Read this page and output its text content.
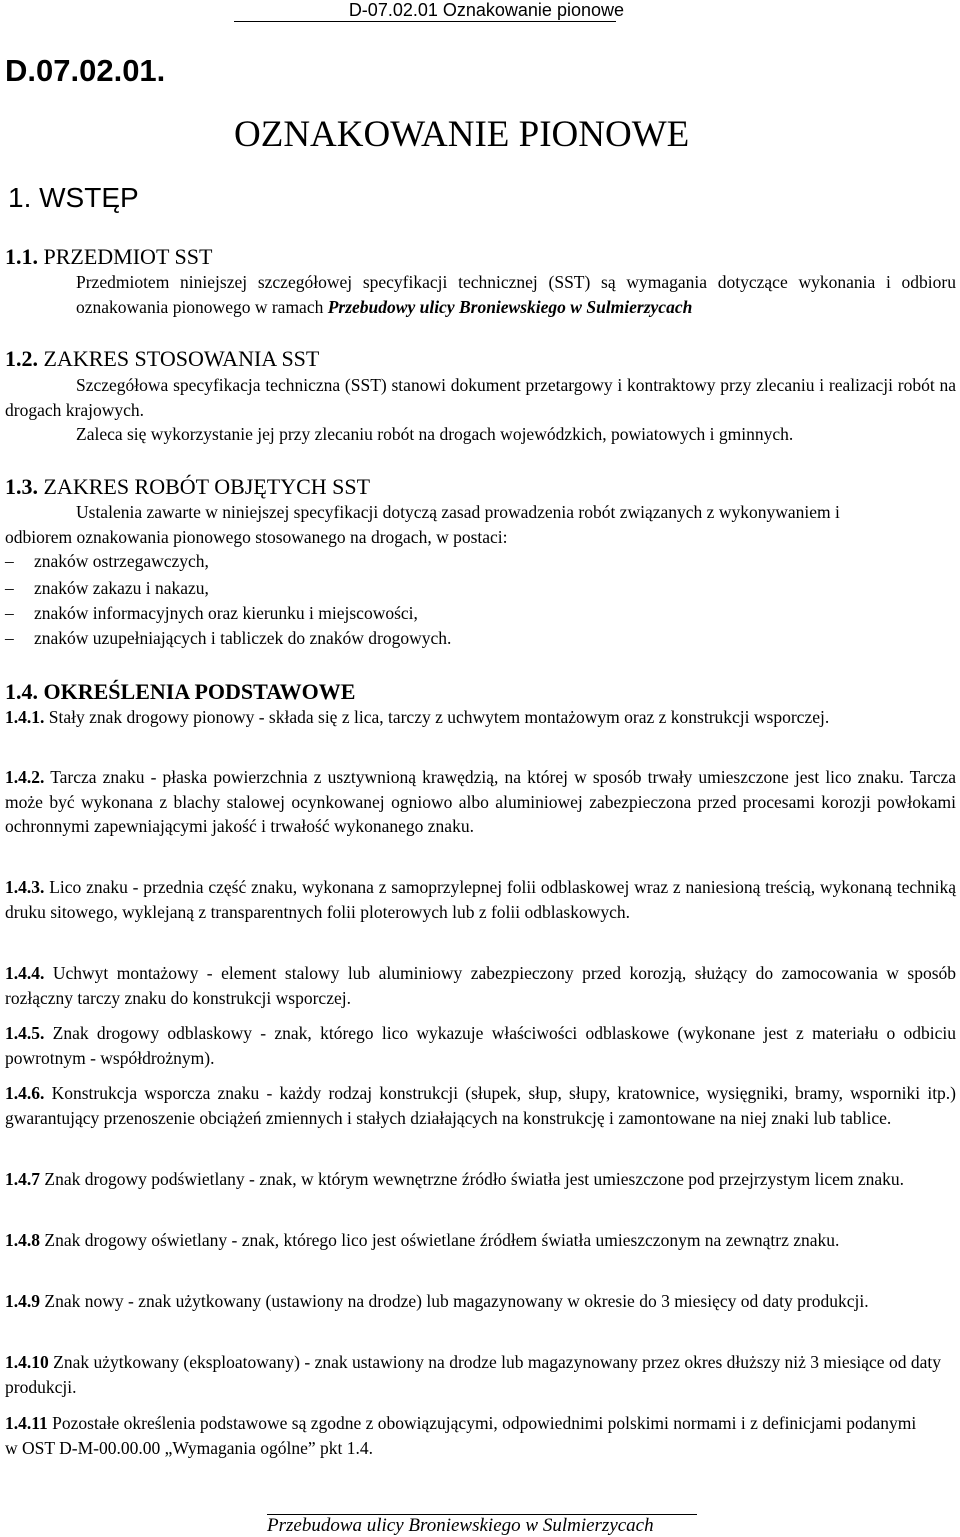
D-07.02.01 Oznakowanie pionowe
D.07.02.01.
OZNAKOWANIE PIONOWE
1. WSTĘP
1.1. PRZEDMIOT SST
Przedmiotem niniejszej szczegółowej specyfikacji technicznej (SST) są wymagania dotyczące wykonania i odbioru oznakowania pionowego w ramach Przebudowy ulicy Broniewskiego w Sulmierzycach
1.2. ZAKRES STOSOWANIA SST
Szczegółowa specyfikacja techniczna (SST) stanowi dokument przetargowy i kontraktowy przy zlecaniu i realizacji robót na drogach krajowych.
Zaleca się wykorzystanie jej przy zlecaniu robót na drogach wojewódzkich, powiatowych i gminnych.
1.3. ZAKRES ROBÓT OBJĘTYCH SST
Ustalenia zawarte w niniejszej specyfikacji dotyczą zasad prowadzenia robót związanych z wykonywaniem i odbiorem oznakowania pionowego stosowanego na drogach, w postaci:
– znaków ostrzegawczych,
– znaków zakazu i nakazu,
– znaków informacyjnych oraz kierunku i miejscowości,
– znaków uzupełniających i tabliczek do znaków drogowych.
1.4. OKREŚLENIA PODSTAWOWE
1.4.1. Stały znak drogowy pionowy - składa się z lica, tarczy z uchwytem montażowym oraz z konstrukcji wsporczej.
1.4.2. Tarcza znaku - płaska powierzchnia z usztywnioną krawędzią, na której w sposób trwały umieszczone jest lico znaku. Tarcza może być wykonana z blachy stalowej ocynkowanej ogniowo albo aluminiowej zabezpieczona przed procesami korozji powłokami ochronnymi zapewniającymi jakość i trwałość wykonanego znaku.
1.4.3. Lico znaku - przednia część znaku, wykonana z samoprzylepnej folii odblaskowej wraz z naniesioną treścią, wykonaną techniką druku sitowego, wyklejaną z transparentnych folii ploterowych lub z folii odblaskowych.
1.4.4. Uchwyt montażowy - element stalowy lub aluminiowy zabezpieczony przed korozją, służący do zamocowania w sposób rozłączny tarczy znaku do konstrukcji wsporczej.
1.4.5. Znak drogowy odblaskowy - znak, którego lico wykazuje właściwości odblaskowe (wykonane jest z materiału o odbiciu powrotnym - współdrożnym).
1.4.6. Konstrukcja wsporcza znaku - każdy rodzaj konstrukcji (słupek, słup, słupy, kratownice, wysięgniki, bramy, wsporniki itp.) gwarantujący przenoszenie obciążeń zmiennych i stałych działających na konstrukcję i zamontowane na niej znaki lub tablice.
1.4.7 Znak drogowy podświetlany - znak, w którym wewnętrzne źródło światła jest umieszczone pod przejrzystym licem znaku.
1.4.8 Znak drogowy oświetlany - znak, którego lico jest oświetlane źródłem światła umieszczonym na zewnątrz znaku.
1.4.9 Znak nowy - znak użytkowany (ustawiony na drodze) lub magazynowany w okresie do 3 miesięcy od daty produkcji.
1.4.10 Znak użytkowany (eksploatowany) - znak ustawiony na drodze lub magazynowany przez okres dłuższy niż 3 miesiące od daty produkcji.
1.4.11 Pozostałe określenia podstawowe są zgodne z obowiązującymi, odpowiednimi polskimi normami i z definicjami podanymi w OST D-M-00.00.00 „Wymagania ogólne” pkt 1.4.
Przebudowa ulicy Broniewskiego w Sulmierzycach
